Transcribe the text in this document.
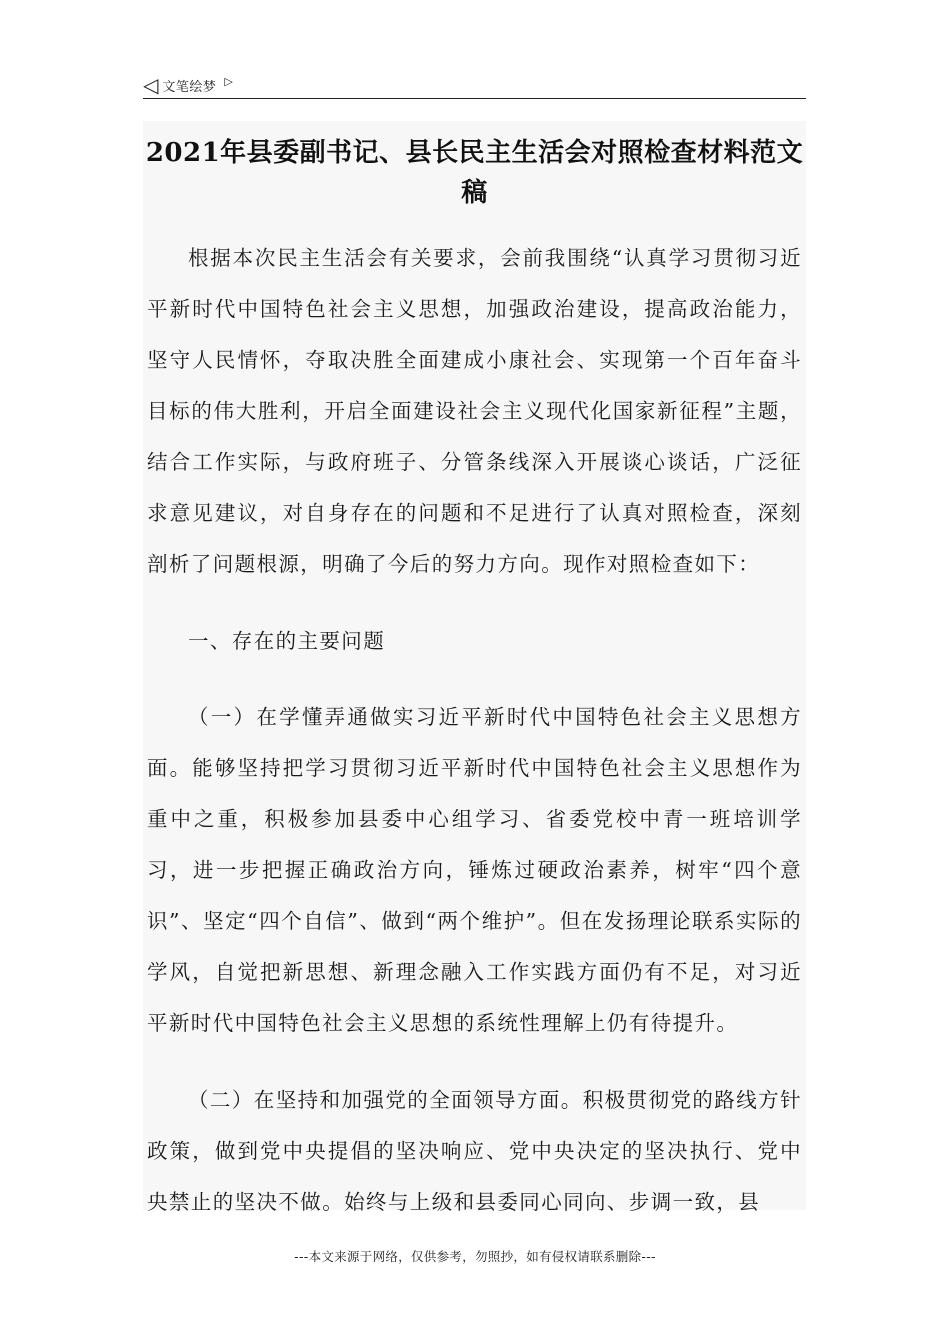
◁ 文笔绘梦 ▷
2021年县委副书记、县长民主生活会对照检查材料范文稿

根据本次民主生活会有关要求，会前我围绕“认真学习贯彻习近平新时代中国特色社会主义思想，加强政治建设，提高政治能力，坚守人民情怀，夺取决胜全面建成小康社会、实现第一个百年奋斗目标的伟大胜利，开启全面建设社会主义现代化国家新征程”主题，结合工作实际，与政府班子、分管条线深入开展谈心谈话，广泛征求意见建议，对自身存在的问题和不足进行了认真对照检查，深刻剖析了问题根源，明确了今后的努力方向。现作对照检查如下：

一、存在的主要问题

（一）在学懂弄通做实习近平新时代中国特色社会主义思想方面。能够坚持把学习贯彻习近平新时代中国特色社会主义思想作为重中之重，积极参加县委中心组学习、省委党校中青一班培训学习，进一步把握正确政治方向，锤炼过硬政治素养，树牢“四个意识”、坚定“四个自信”、做到“两个维护”。但在发扬理论联系实际的学风，自觉把新思想、新理念融入工作实践方面仍有不足，对习近平新时代中国特色社会主义思想的系统性理解上仍有待提升。

（二）在坚持和加强党的全面领导方面。积极贯彻党的路线方针政策，做到党中央提倡的坚决响应、党中央决定的坚决执行、党中央禁止的坚决不做。始终与上级和县委同心同向、步调一致，县

---本文来源于网络，仅供参考，勿照抄，如有侵权请联系删除---
